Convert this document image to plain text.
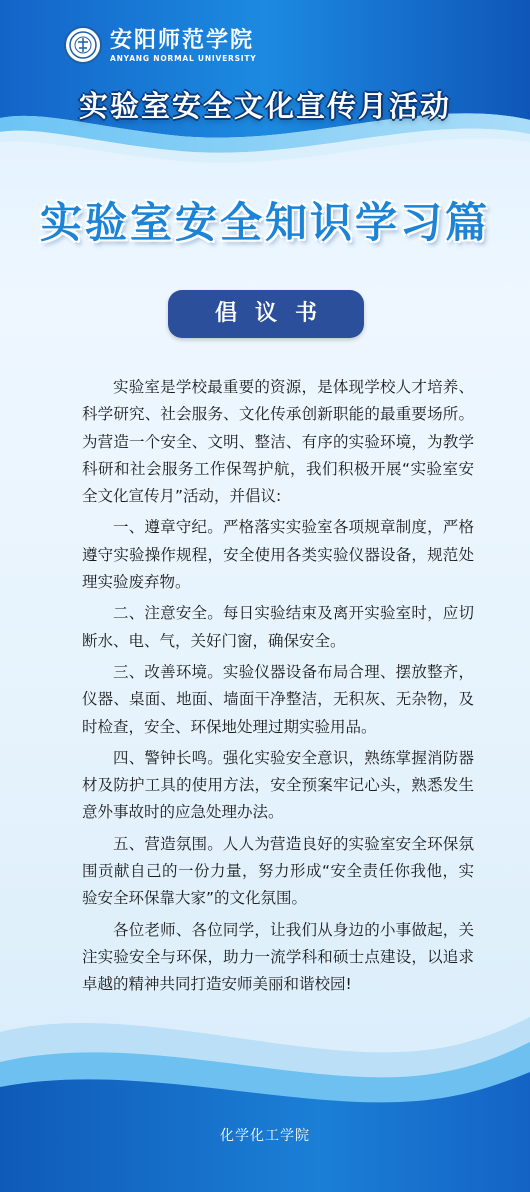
安阳师范学院
ANYANG NORMAL UNIVERSITY
实验室安全文化宣传月活动
实验室安全知识学习篇
倡议书

实验室是学校最重要的资源，是体现学校人才培养、科学研究、社会服务、文化传承创新职能的最重要场所。为营造一个安全、文明、整洁、有序的实验环境，为教学科研和社会服务工作保驾护航，我们积极开展“实验室安全文化宣传月”活动，并倡议:

一、遵章守纪。严格落实实验室各项规章制度，严格遵守实验操作规程，安全使用各类实验仪器设备，规范处理实验废弃物。

二、注意安全。每日实验结束及离开实验室时，应切断水、电、气，关好门窗，确保安全。

三、改善环境。实验仪器设备布局合理、摆放整齐，仪器、桌面、地面、墙面干净整洁，无积灰、无杂物，及时检查，安全、环保地处理过期实验用品。

四、警钟长鸣。强化实验安全意识，熟练掌握消防器材及防护工具的使用方法，安全预案牢记心头，熟悉发生意外事故时的应急处理办法。

五、营造氛围。人人为营造良好的实验室安全环保氛围贡献自己的一份力量，努力形成“安全责任你我他，实验安全环保靠大家”的文化氛围。

各位老师、各位同学，让我们从身边的小事做起，关注实验安全与环保，助力一流学科和硕士点建设，以追求卓越的精神共同打造安师美丽和谐校园!

化学化工学院
